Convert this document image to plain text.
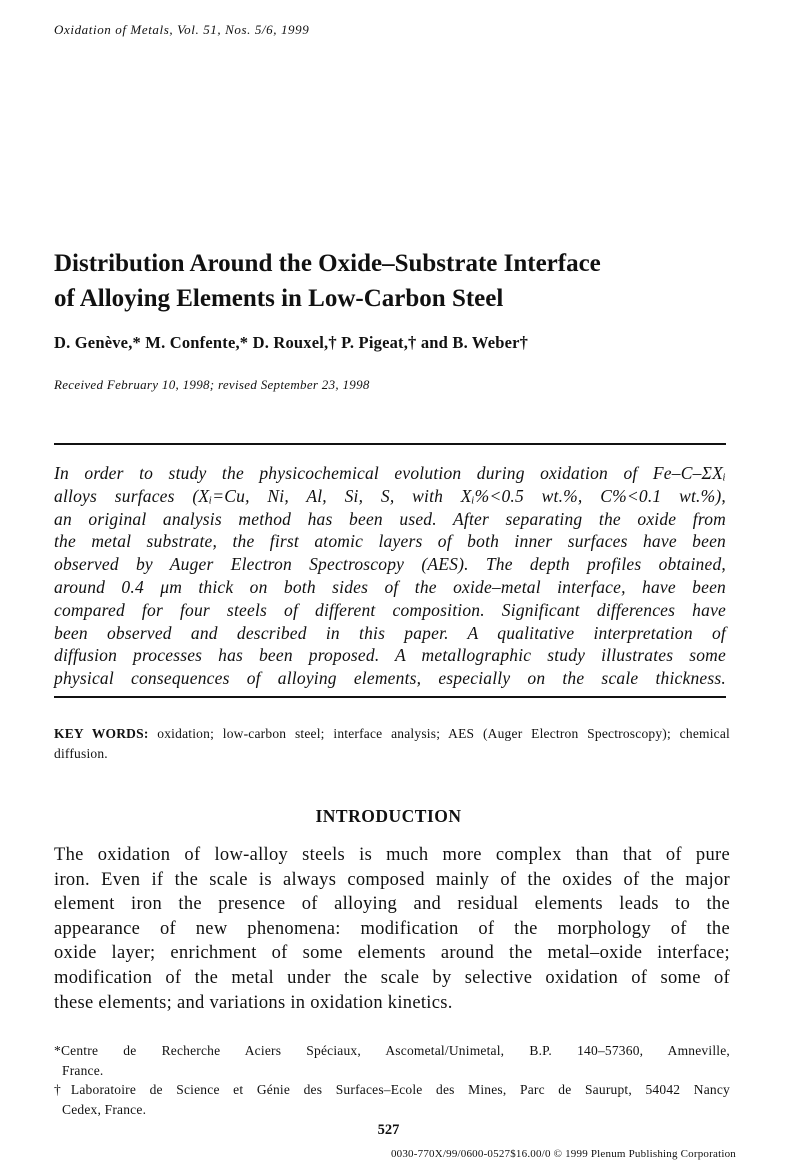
Oxidation of Metals, Vol. 51, Nos. 5/6, 1999
Distribution Around the Oxide–Substrate Interface
of Alloying Elements in Low-Carbon Steel
D. Genève,* M. Confente,* D. Rouxel,† P. Pigeat,† and B. Weber†
Received February 10, 1998; revised September 23, 1998
In order to study the physicochemical evolution during oxidation of Fe–C–ΣXᵢ
alloys surfaces (Xᵢ=Cu, Ni, Al, Si, S, with Xᵢ%<0.5 wt.%, C%<0.1 wt.%),
an original analysis method has been used. After separating the oxide from
the metal substrate, the first atomic layers of both inner surfaces have been
observed by Auger Electron Spectroscopy (AES). The depth profiles obtained,
around 0.4 μm thick on both sides of the oxide–metal interface, have been
compared for four steels of different composition. Significant differences have
been observed and described in this paper. A qualitative interpretation of
diffusion processes has been proposed. A metallographic study illustrates some
physical consequences of alloying elements, especially on the scale thickness.
KEY WORDS: oxidation; low-carbon steel; interface analysis; AES (Auger Electron Spectroscopy); chemical diffusion.
INTRODUCTION
The oxidation of low-alloy steels is much more complex than that of pure
iron. Even if the scale is always composed mainly of the oxides of the major
element iron the presence of alloying and residual elements leads to the
appearance of new phenomena: modification of the morphology of the
oxide layer; enrichment of some elements around the metal–oxide interface;
modification of the metal under the scale by selective oxidation of some of
these elements; and variations in oxidation kinetics.
*Centre de Recherche Aciers Spéciaux, Ascometal/Unimetal, B.P. 140–57360, Amneville,
France.
†Laboratoire de Science et Génie des Surfaces–Ecole des Mines, Parc de Saurupt, 54042 Nancy
Cedex, France.
527
0030-770X/99/0600-0527$16.00/0 © 1999 Plenum Publishing Corporation
